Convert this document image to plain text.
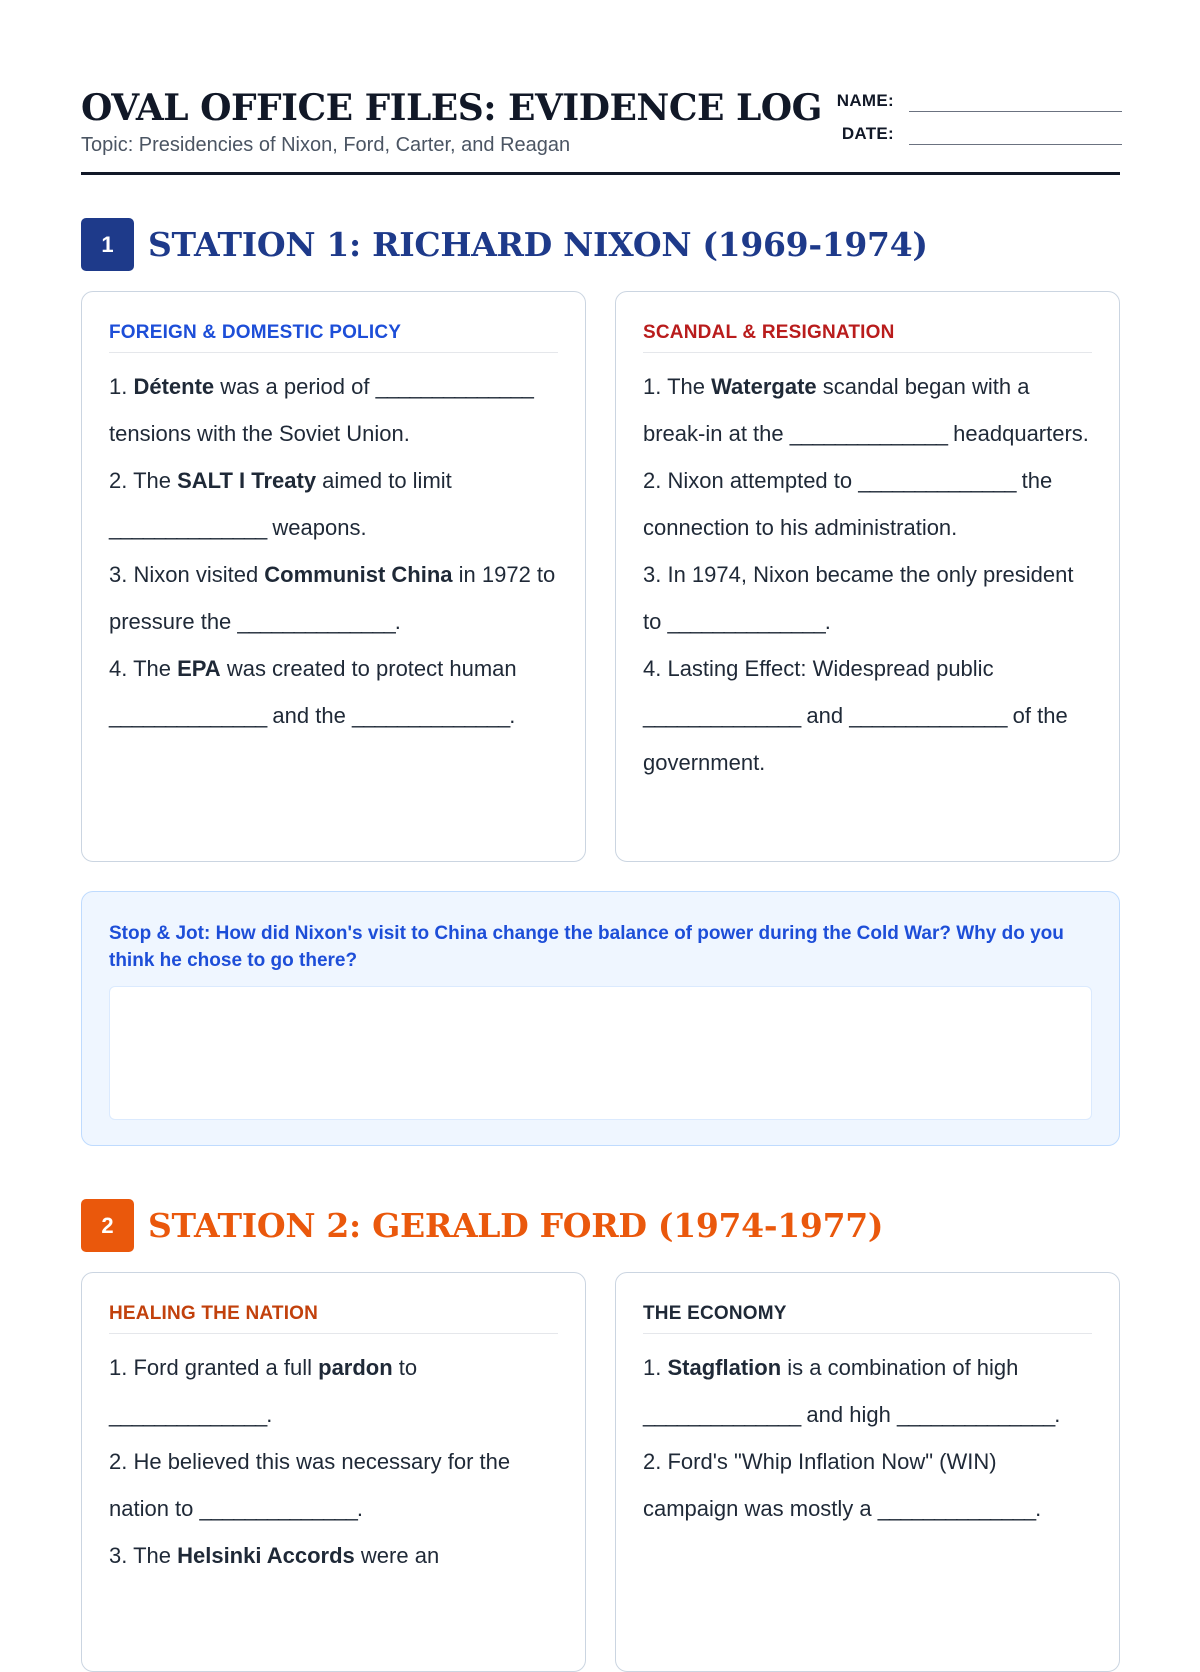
OVAL OFFICE FILES: EVIDENCE LOG
Topic: Presidencies of Nixon, Ford, Carter, and Reagan
NAME:
DATE:
1	STATION 1: RICHARD NIXON (1969-1974)
FOREIGN & DOMESTIC POLICY

1. Détente was a period of ______________ tensions with the Soviet Union.

2. The SALT I Treaty aimed to limit ______________ weapons.

3. Nixon visited Communist China in 1972 to pressure the ______________.

4. The EPA was created to protect human ______________ and the ______________.

SCANDAL & RESIGNATION

1. The Watergate scandal began with a break-in at the ______________ headquarters.

2. Nixon attempted to ______________ the connection to his administration.

3. In 1974, Nixon became the only president to ______________.

4. Lasting Effect: Widespread public ______________ and ______________ of the government.

Stop & Jot: How did Nixon's visit to China change the balance of power during the Cold War? Why do you think he chose to go there?
2	STATION 2: GERALD FORD (1974-1977)
HEALING THE NATION

1. Ford granted a full pardon to ______________.

2. He believed this was necessary for the nation to ______________.

3. The Helsinki Accords were an

THE ECONOMY

1. Stagflation is a combination of high ______________ and high ______________.

2. Ford's "Whip Inflation Now" (WIN) campaign was mostly a ______________.
